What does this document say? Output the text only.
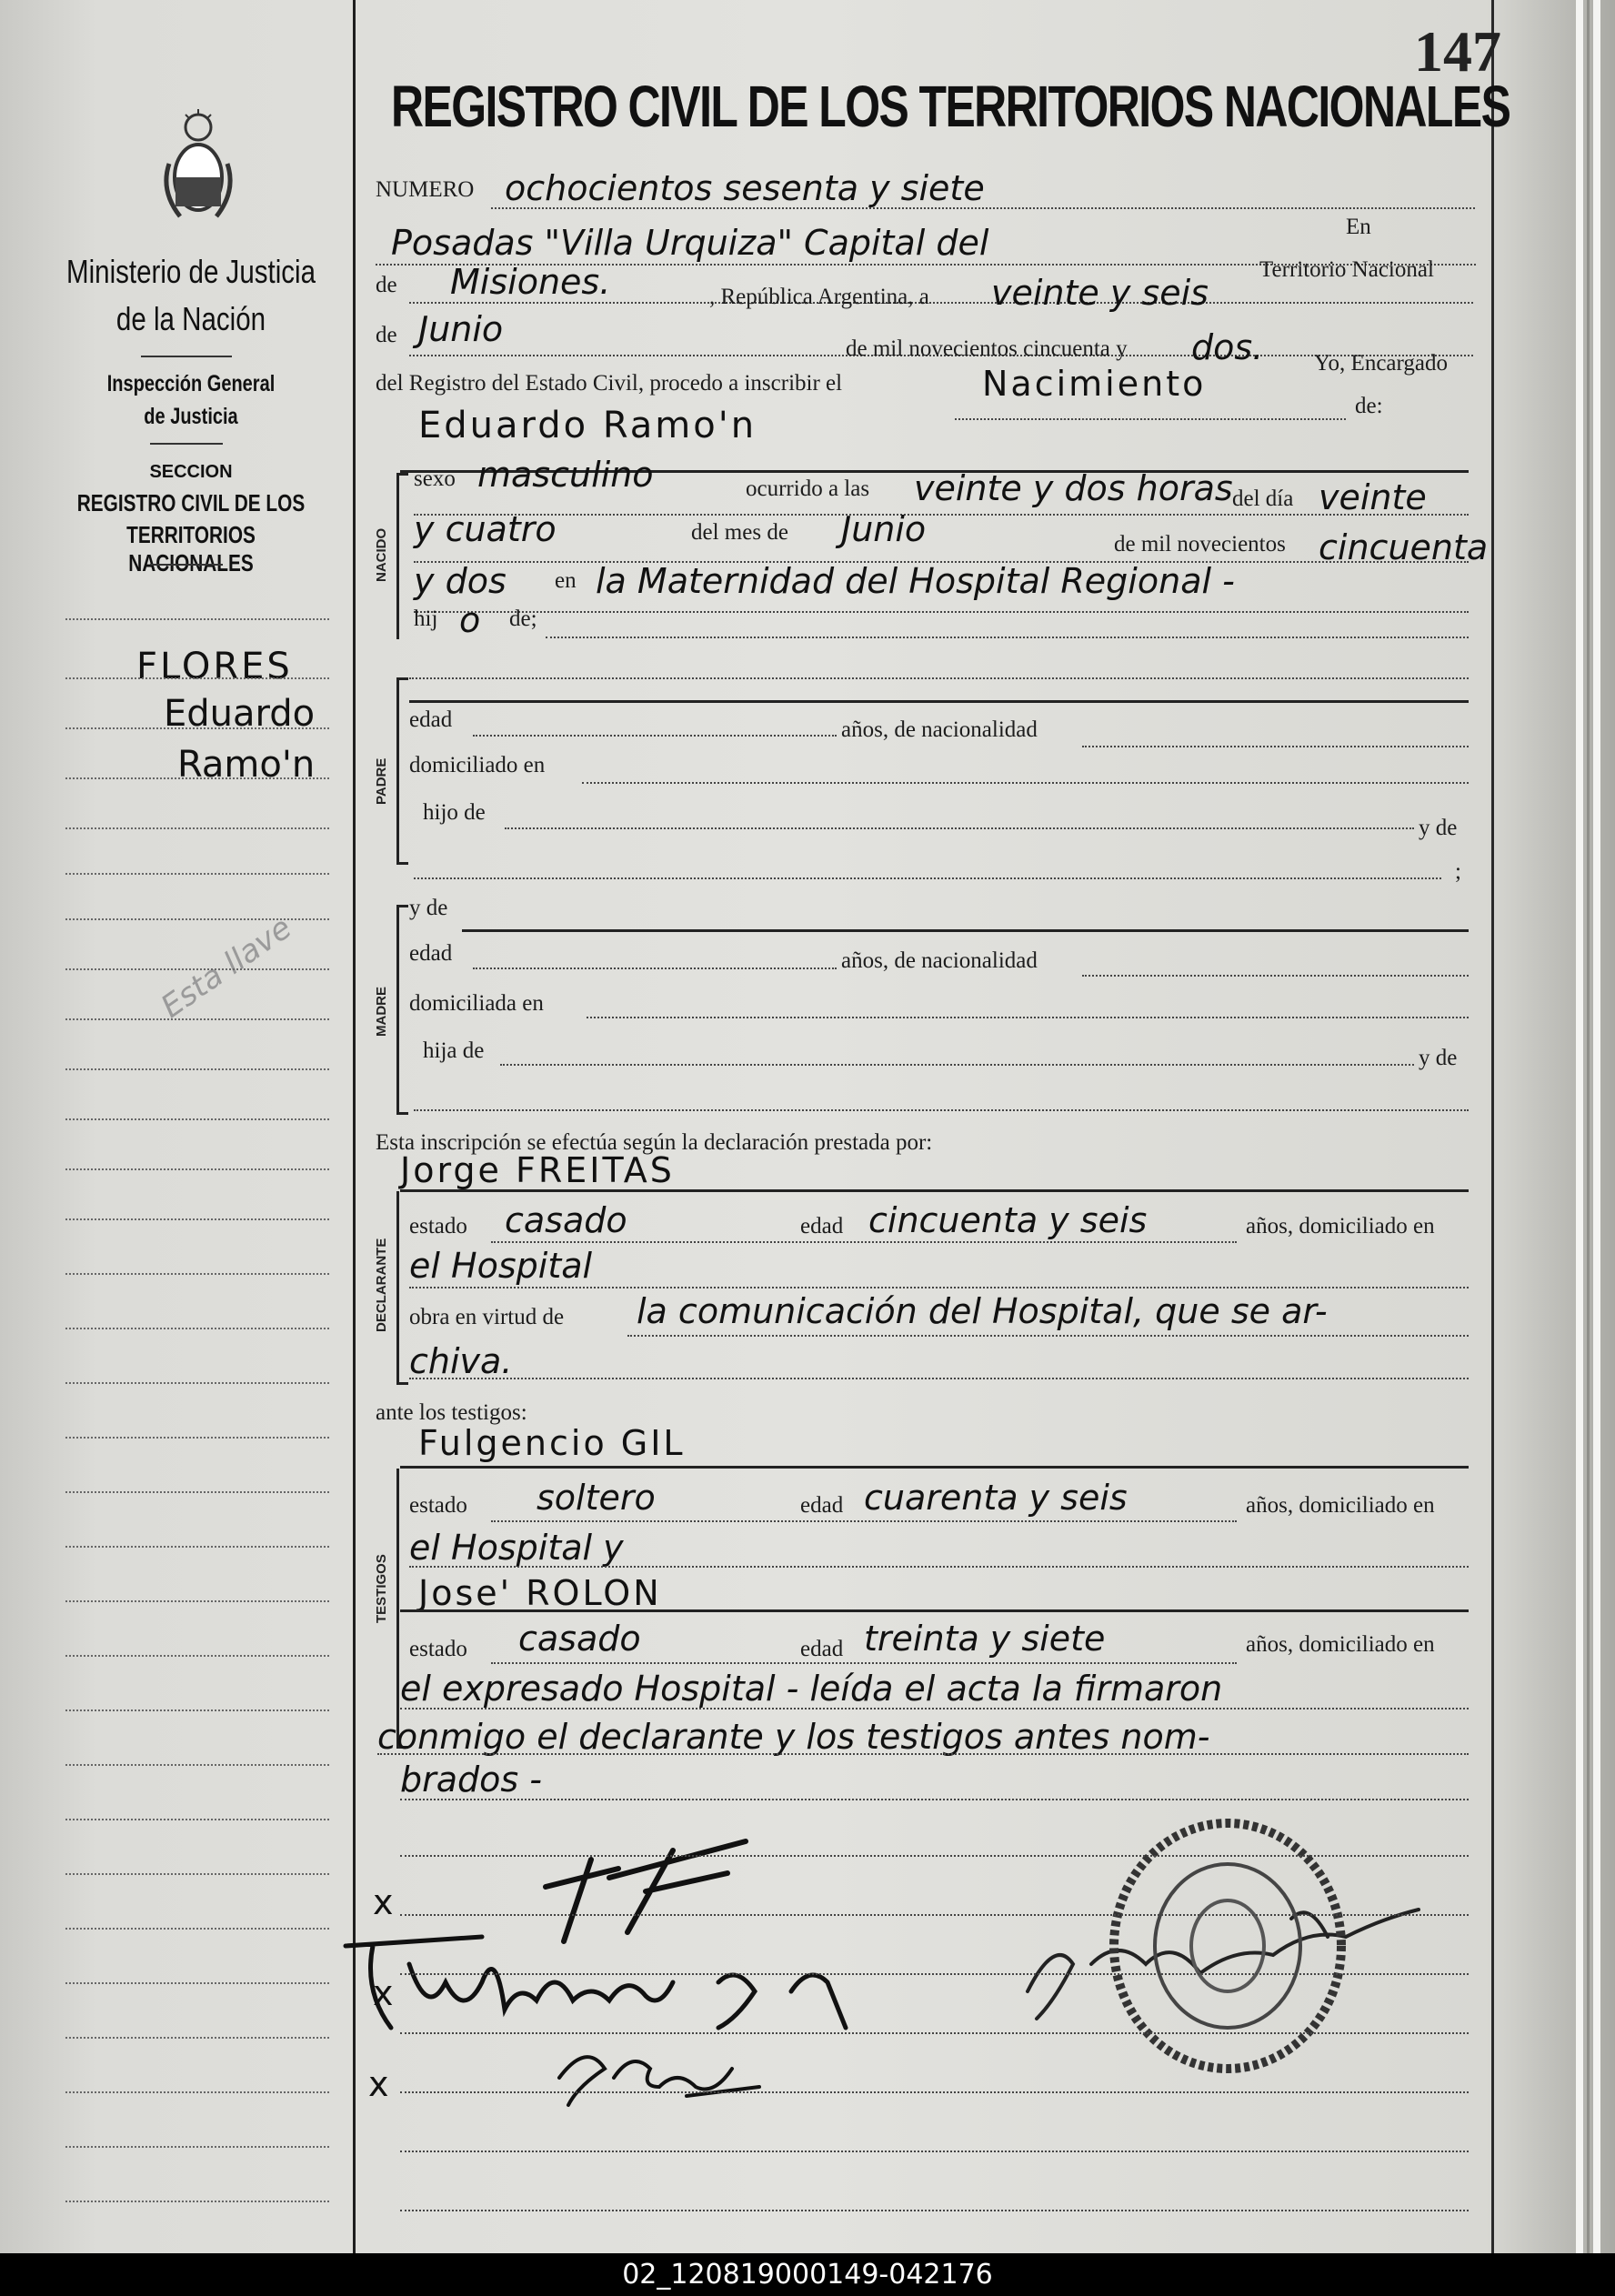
147
Ministerio de Justicia
de la Nación
Inspección General
de Justicia
SECCION
REGISTRO CIVIL DE LOS
TERRITORIOS NACIONALES
FLORES
Eduardo
Ramo'n
Esta llave
REGISTRO CIVIL DE LOS TERRITORIOS NACIONALES
NUMERO ochocientos sesenta y siete
Posadas "Villa Urquiza" Capital del	En
de Misiones.	, República Argentina, a veinte y seis
Territorio Nacional
de Junio	de mil novecientos cincuenta y dos. Yo, Encargado
del Registro del Estado Civil, procedo a inscribir el	Nacimiento
de:
Eduardo Ramo'n
NACIDO
sexo masculino	ocurrido a las veinte y dos horas del día veinte
y cuatro	del mes de Junio	de mil novecientos cincuenta
y dos en la Maternidad del Hospital Regional -
hij o de;
PADRE
edad	años, de nacionalidad
domiciliado en
hijo de
y de
;
MADRE
y de
edad	años, de nacionalidad
domiciliada en
hija de	y de
Esta inscripción se efectúa según la declaración prestada por:
Jorge FREITAS
DECLARANTE
estado casado	edad cincuenta y seis	años, domiciliado en
el Hospital
obra en virtud de la comunicación del Hospital, que se ar-
chiva.
ante los testigos:
Fulgencio GIL
TESTIGOS
estado soltero	edad cuarenta y seis	años, domiciliado en
el Hospital y
Jose' ROLON
estado casado	edad treinta y siete	años, domiciliado en
el expresado Hospital - leída el acta la firmaron
conmigo el declarante y los testigos antes nom-
brados -
x
x
x
02_120819000149-042176
